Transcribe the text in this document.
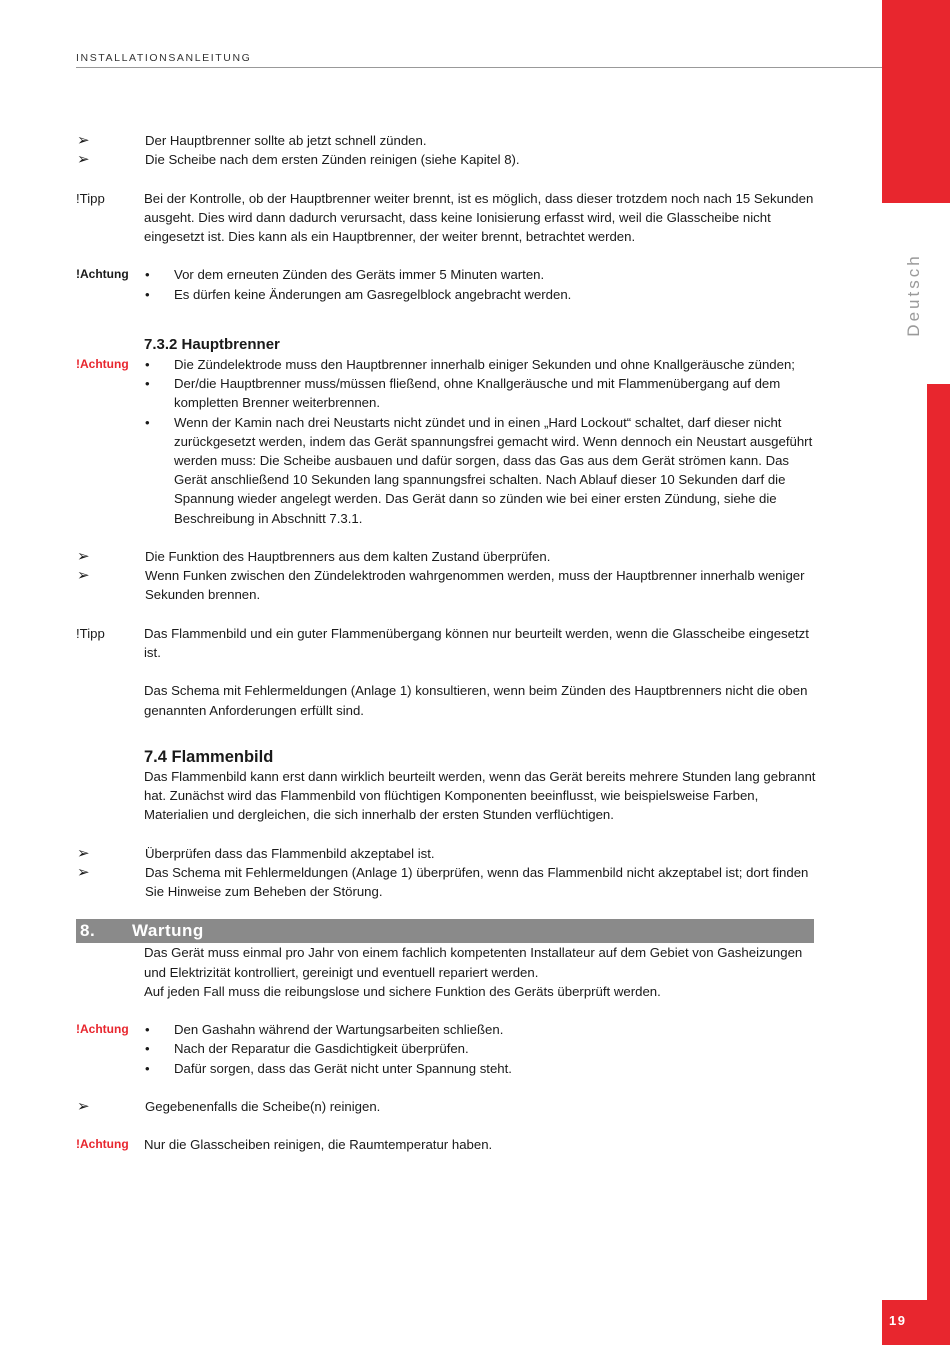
INSTALLATIONSANLEITUNG
Deutsch
19
➢	Der Hauptbrenner sollte ab jetzt schnell zünden.
➢	Die Scheibe nach dem ersten Zünden reinigen (siehe Kapitel 8).
!Tipp	Bei der Kontrolle, ob der Hauptbrenner weiter brennt, ist es möglich, dass dieser trotzdem noch nach 15 Sekunden ausgeht. Dies wird dann dadurch verursacht, dass keine Ionisierung erfasst wird, weil die Glasscheibe nicht eingesetzt ist. Dies kann als ein Hauptbrenner, der weiter brennt, betrachtet werden.
!Achtung	•	Vor dem erneuten Zünden des Geräts immer 5 Minuten warten.
•	Es dürfen keine Änderungen am Gasregelblock angebracht werden.
7.3.2 Hauptbrenner
!Achtung	•	Die Zündelektrode muss den Hauptbrenner innerhalb einiger Sekunden und ohne Knallgeräusche zünden;
•	Der/die Hauptbrenner muss/müssen fließend, ohne Knallgeräusche und mit Flammenübergang auf dem kompletten Brenner weiterbrennen.
•	Wenn der Kamin nach drei Neustarts nicht zündet und in einen „Hard Lockout“ schaltet, darf dieser nicht zurückgesetzt werden, indem das Gerät spannungsfrei gemacht wird. Wenn dennoch ein Neustart ausgeführt werden muss: Die Scheibe ausbauen und dafür sorgen, dass das Gas aus dem Gerät strömen kann. Das Gerät anschließend 10 Sekunden lang spannungsfrei schalten. Nach Ablauf dieser 10 Sekunden darf die Spannung wieder angelegt werden. Das Gerät dann so zünden wie bei einer ersten Zündung, siehe die Beschreibung in Abschnitt 7.3.1.
➢	Die Funktion des Hauptbrenners aus dem kalten Zustand überprüfen.
➢	Wenn Funken zwischen den Zündelektroden wahrgenommen werden, muss der Hauptbrenner innerhalb weniger Sekunden brennen.
!Tipp	Das Flammenbild und ein guter Flammenübergang können nur beurteilt werden, wenn die Glasscheibe eingesetzt ist.
Das Schema mit Fehlermeldungen (Anlage 1) konsultieren, wenn beim Zünden des Hauptbrenners nicht die oben genannten Anforderungen erfüllt sind.
7.4 Flammenbild
Das Flammenbild kann erst dann wirklich beurteilt werden, wenn das Gerät bereits mehrere Stunden lang gebrannt hat. Zunächst wird das Flammenbild von flüchtigen Komponenten beeinflusst, wie beispielsweise Farben, Materialien und dergleichen, die sich innerhalb der ersten Stunden verflüchtigen.
➢	Überprüfen dass das Flammenbild akzeptabel ist.
➢	Das Schema mit Fehlermeldungen (Anlage 1) überprüfen, wenn das Flammenbild nicht akzeptabel ist; dort finden Sie Hinweise zum Beheben der Störung.
8.	Wartung
Das Gerät muss einmal pro Jahr von einem fachlich kompetenten Installateur auf dem Gebiet von Gasheizungen und Elektrizität kontrolliert, gereinigt und eventuell repariert werden.
Auf jeden Fall muss die reibungslose und sichere Funktion des Geräts überprüft werden.
!Achtung	•	Den Gashahn während der Wartungsarbeiten schließen.
•	Nach der Reparatur die Gasdichtigkeit überprüfen.
•	Dafür sorgen, dass das Gerät nicht unter Spannung steht.
➢	Gegebenenfalls die Scheibe(n) reinigen.
!Achtung	Nur die Glasscheiben reinigen, die Raumtemperatur haben.
